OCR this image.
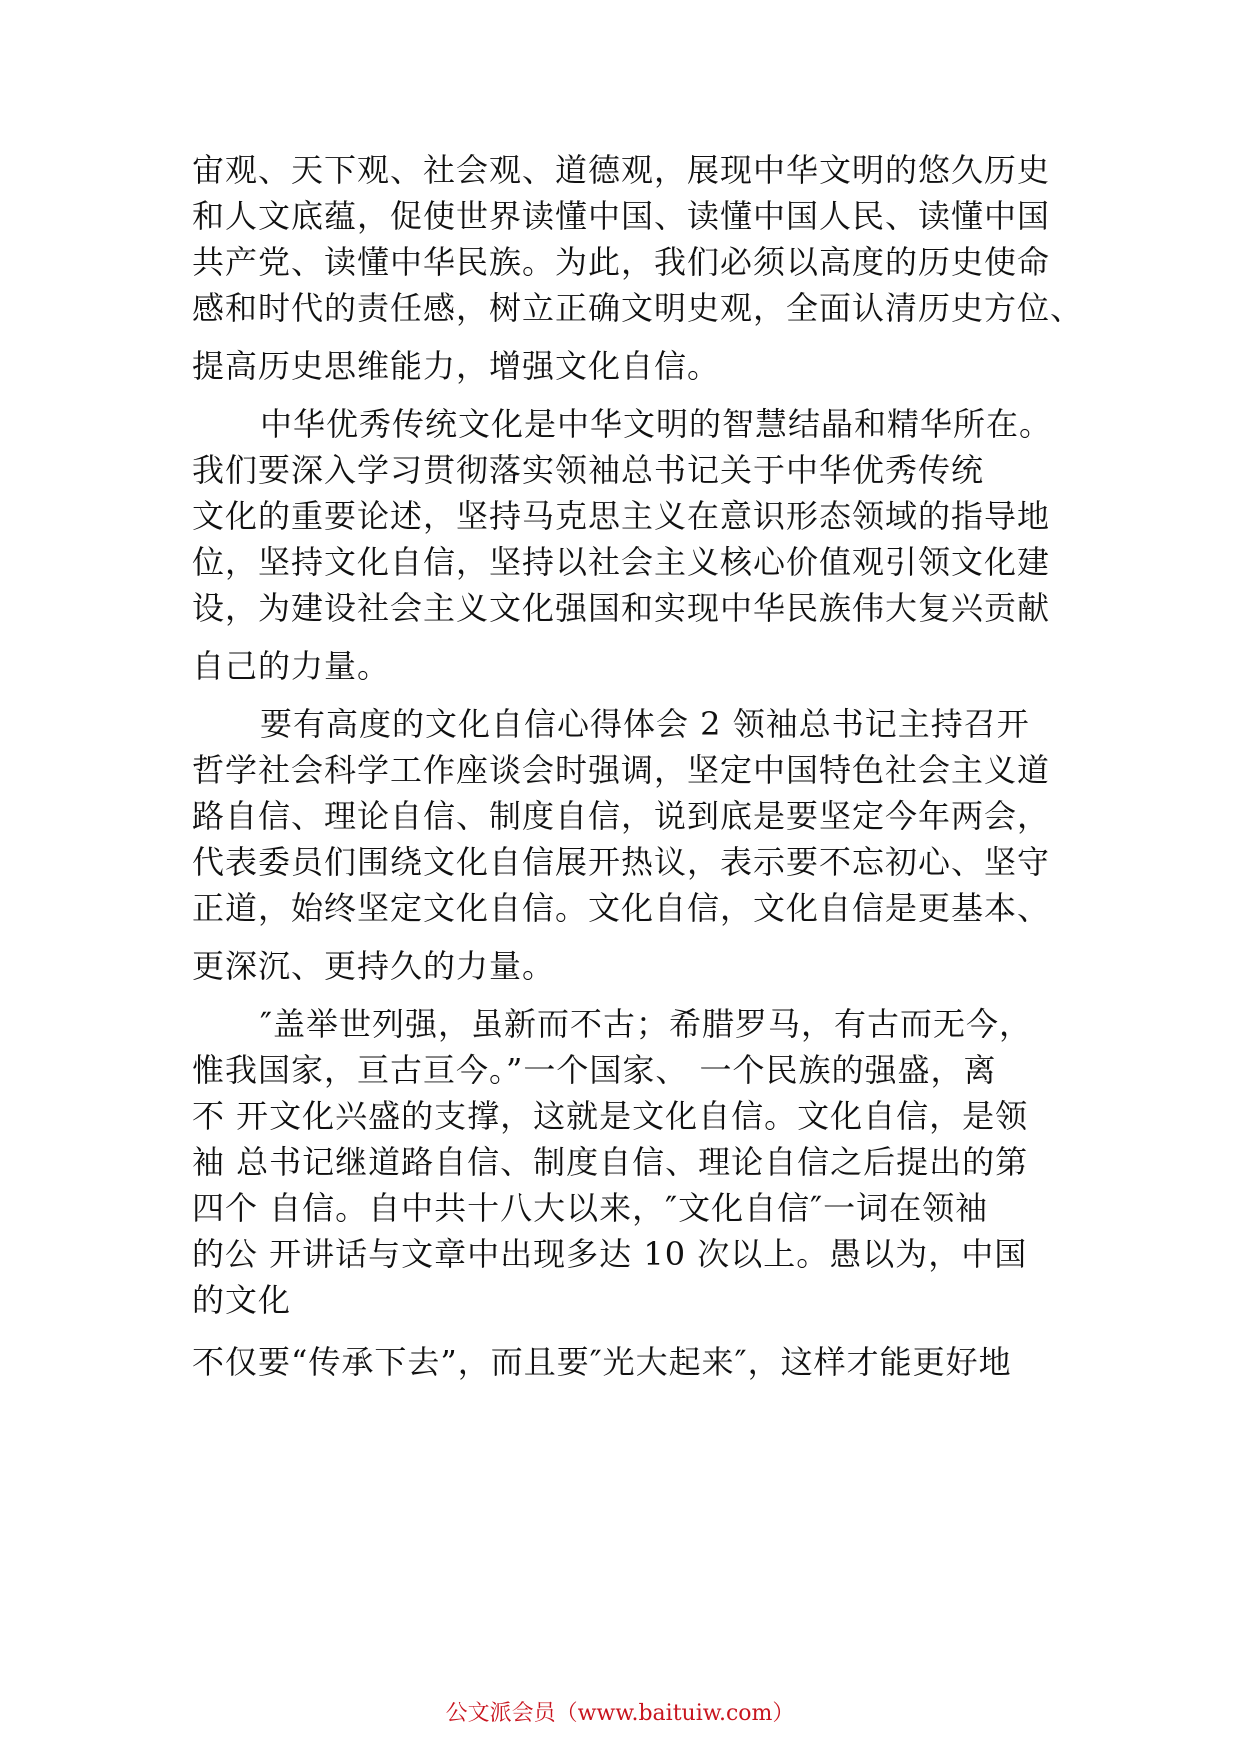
宙观、天下观、社会观、道德观，展现中华文明的悠久历史
和人文底蕴，促使世界读懂中国、读懂中国人民、读懂中国
共产党、读懂中华民族。为此，我们必须以高度的历史使命
感和时代的责任感，树立正确文明史观，全面认清历史方位、
提高历史思维能力，增强文化自信。
中华优秀传统文化是中华文明的智慧结晶和精华所在。
我们要深入学习贯彻落实领袖总书记关于中华优秀传统
文化的重要论述，坚持马克思主义在意识形态领域的指导地
位，坚持文化自信，坚持以社会主义核心价值观引领文化建
设，为建设社会主义文化强国和实现中华民族伟大复兴贡献
自己的力量。
要有高度的文化自信心得体会 2 领袖总书记主持召开
哲学社会科学工作座谈会时强调，坚定中国特色社会主义道
路自信、理论自信、制度自信，说到底是要坚定今年两会，
代表委员们围绕文化自信展开热议，表示要不忘初心、坚守
正道，始终坚定文化自信。文化自信，文化自信是更基本、
更深沉、更持久的力量。
″盖举世列强，虽新而不古；希腊罗马，有古而无今，
惟我国家，亘古亘今。”一个国家、 一个民族的强盛，离
不 开文化兴盛的支撑，这就是文化自信。文化自信，是领
袖 总书记继道路自信、制度自信、理论自信之后提出的第
四个 自信。自中共十八大以来，″文化自信″一词在领袖
的公 开讲话与文章中出现多达 10 次以上。愚以为，中国
的文化
不仅要“传承下去”，而且要″光大起来″，这样才能更好地
公文派会员（www.baituiw.com）
